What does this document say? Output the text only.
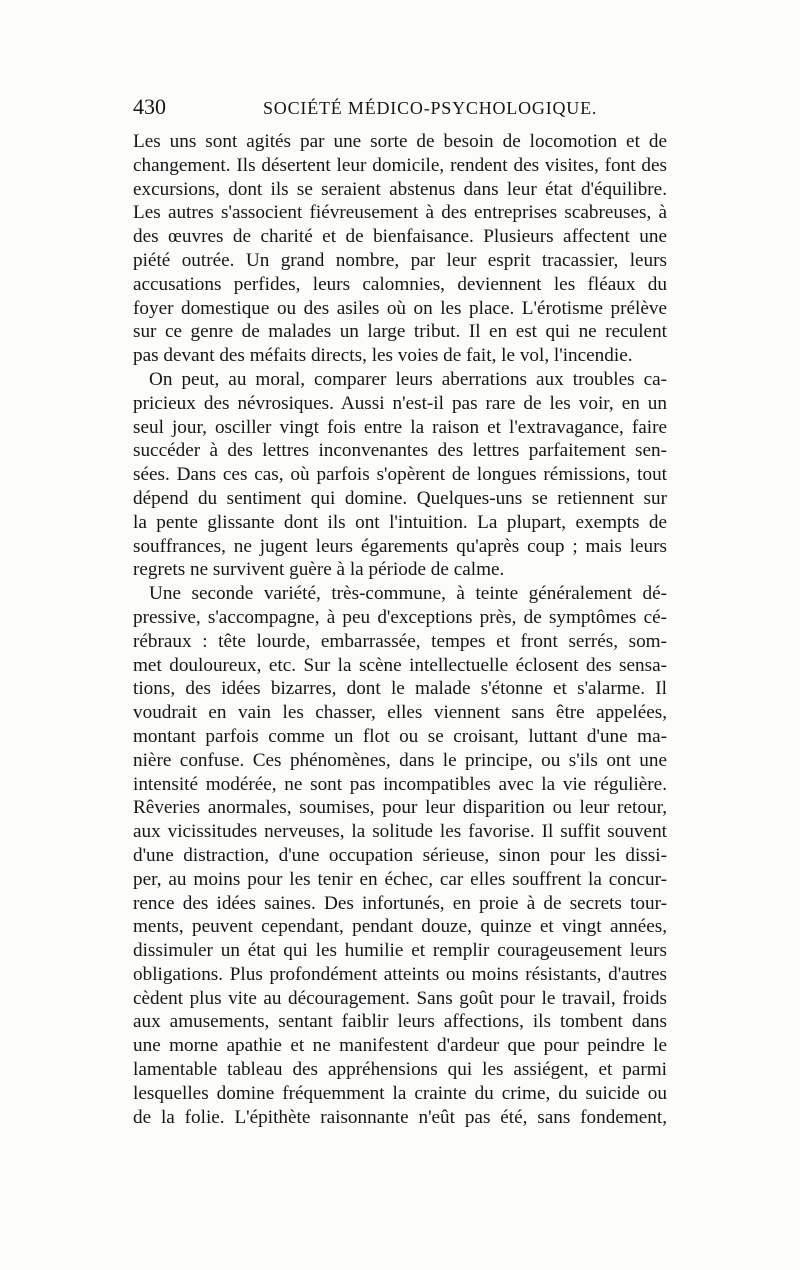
430	SOCIÉTÉ MÉDICO-PSYCHOLOGIQUE.
Les uns sont agités par une sorte de besoin de locomotion et de
changement. Ils désertent leur domicile, rendent des visites, font des
excursions, dont ils se seraient abstenus dans leur état d'équilibre.
Les autres s'associent fiévreusement à des entreprises scabreuses, à
des œuvres de charité et de bienfaisance. Plusieurs affectent une
piété outrée. Un grand nombre, par leur esprit tracassier, leurs
accusations perfides, leurs calomnies, deviennent les fléaux du
foyer domestique ou des asiles où on les place. L'érotisme prélève
sur ce genre de malades un large tribut. Il en est qui ne reculent
pas devant des méfaits directs, les voies de fait, le vol, l'incendie.
On peut, au moral, comparer leurs aberrations aux troubles ca-
pricieux des névrosiques. Aussi n'est-il pas rare de les voir, en un
seul jour, osciller vingt fois entre la raison et l'extravagance, faire
succéder à des lettres inconvenantes des lettres parfaitement sen-
sées. Dans ces cas, où parfois s'opèrent de longues rémissions, tout
dépend du sentiment qui domine. Quelques-uns se retiennent sur
la pente glissante dont ils ont l'intuition. La plupart, exempts de
souffrances, ne jugent leurs égarements qu'après coup ; mais leurs
regrets ne survivent guère à la période de calme.
Une seconde variété, très-commune, à teinte généralement dé-
pressive, s'accompagne, à peu d'exceptions près, de symptômes cé-
rébraux : tête lourde, embarrassée, tempes et front serrés, som-
met douloureux, etc. Sur la scène intellectuelle éclosent des sensa-
tions, des idées bizarres, dont le malade s'étonne et s'alarme. Il
voudrait en vain les chasser, elles viennent sans être appelées,
montant parfois comme un flot ou se croisant, luttant d'une ma-
nière confuse. Ces phénomènes, dans le principe, ou s'ils ont une
intensité modérée, ne sont pas incompatibles avec la vie régulière.
Rêveries anormales, soumises, pour leur disparition ou leur retour,
aux vicissitudes nerveuses, la solitude les favorise. Il suffit souvent
d'une distraction, d'une occupation sérieuse, sinon pour les dissi-
per, au moins pour les tenir en échec, car elles souffrent la concur-
rence des idées saines. Des infortunés, en proie à de secrets tour-
ments, peuvent cependant, pendant douze, quinze et vingt années,
dissimuler un état qui les humilie et remplir courageusement leurs
obligations. Plus profondément atteints ou moins résistants, d'autres
cèdent plus vite au découragement. Sans goût pour le travail, froids
aux amusements, sentant faiblir leurs affections, ils tombent dans
une morne apathie et ne manifestent d'ardeur que pour peindre le
lamentable tableau des appréhensions qui les assiégent, et parmi
lesquelles domine fréquemment la crainte du crime, du suicide ou
de la folie. L'épithète raisonnante n'eût pas été, sans fondement,
